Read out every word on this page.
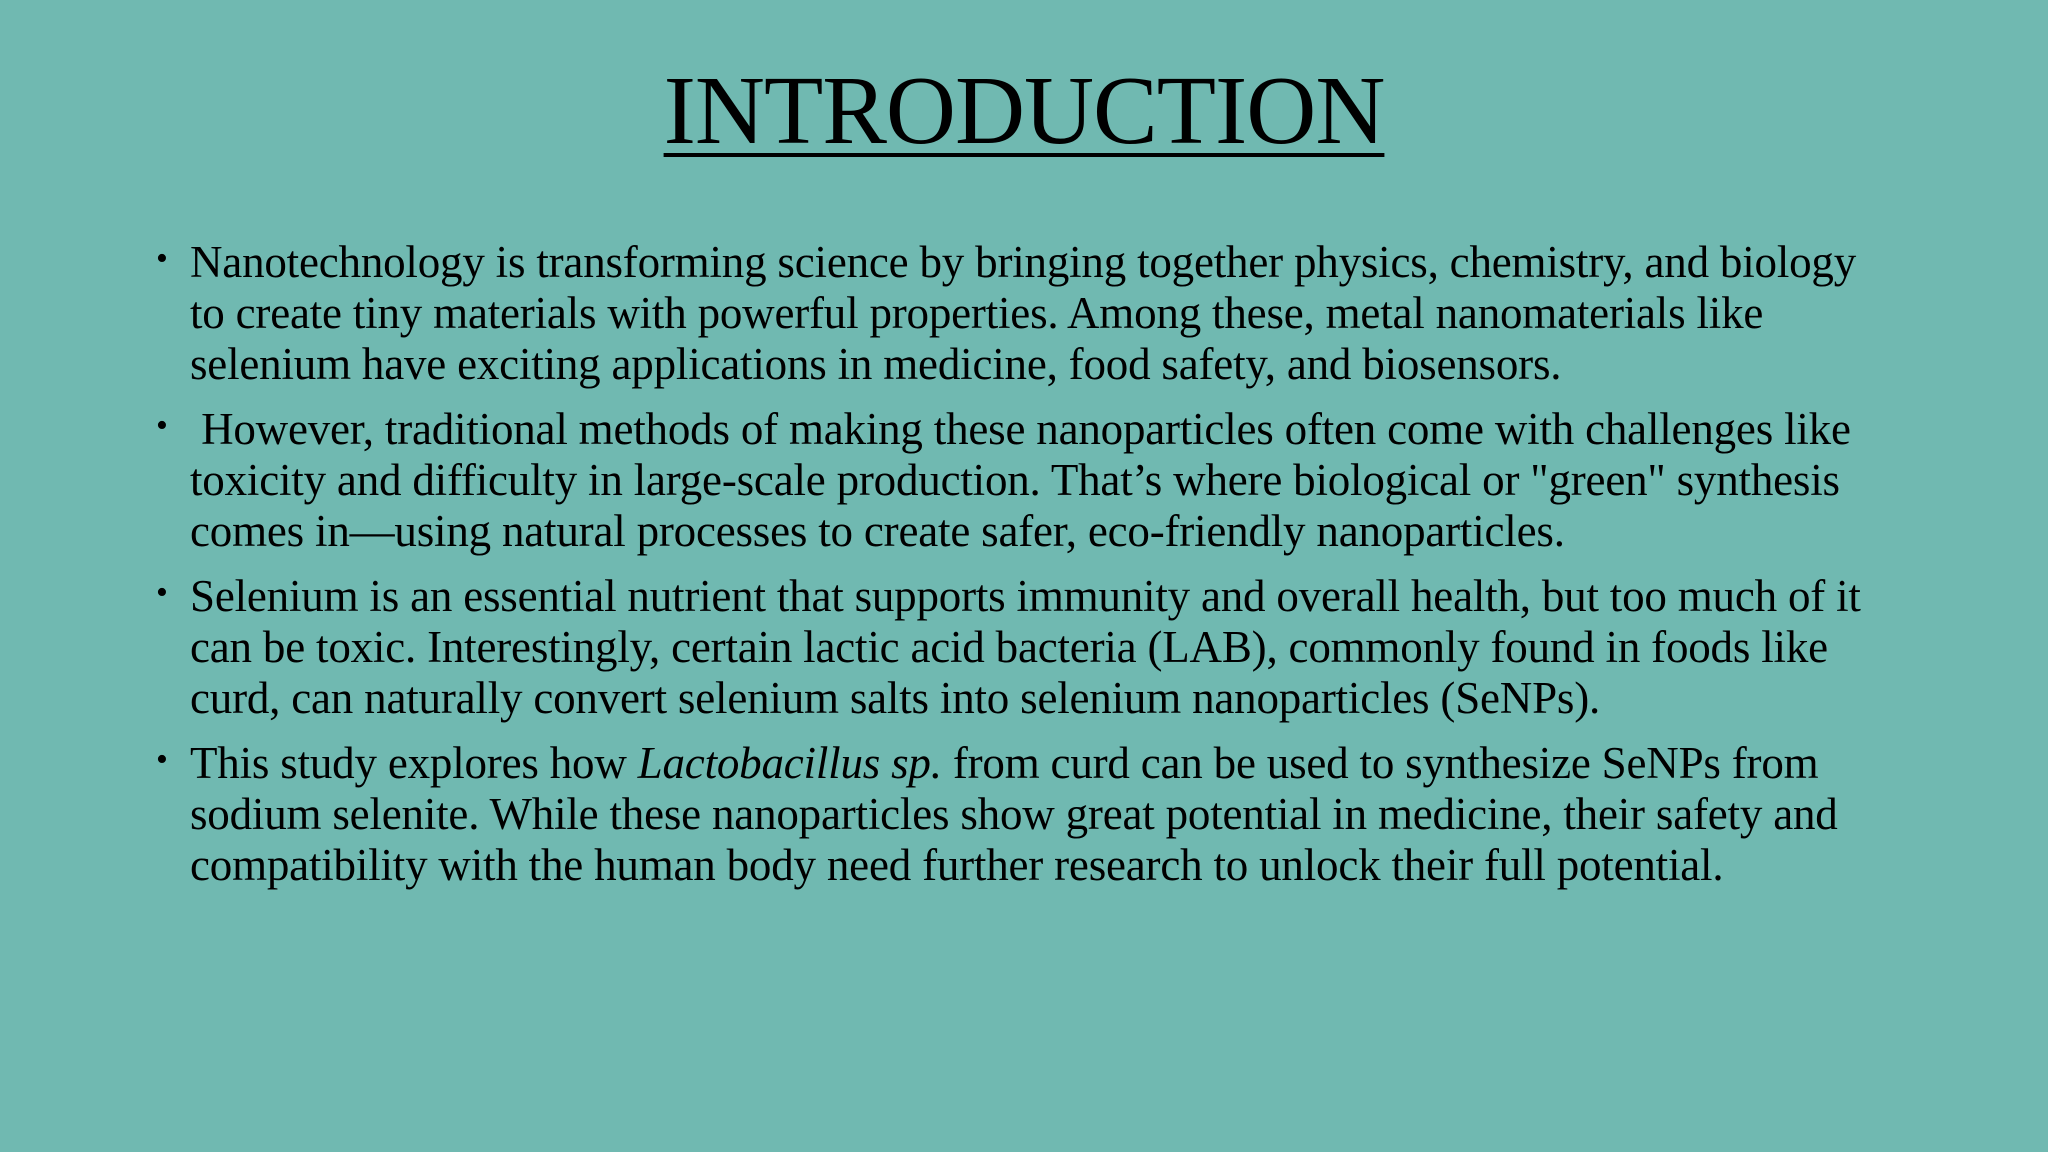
INTRODUCTION
• Nanotechnology is transforming science by bringing together physics, chemistry, and biology to create tiny materials with powerful properties. Among these, metal nanomaterials like selenium have exciting applications in medicine, food safety, and biosensors.
• However, traditional methods of making these nanoparticles often come with challenges like toxicity and difficulty in large-scale production. That’s where biological or "green" synthesis comes in—using natural processes to create safer, eco-friendly nanoparticles.
• Selenium is an essential nutrient that supports immunity and overall health, but too much of it can be toxic. Interestingly, certain lactic acid bacteria (LAB), commonly found in foods like curd, can naturally convert selenium salts into selenium nanoparticles (SeNPs).
• This study explores how Lactobacillus sp. from curd can be used to synthesize SeNPs from sodium selenite. While these nanoparticles show great potential in medicine, their safety and compatibility with the human body need further research to unlock their full potential.
